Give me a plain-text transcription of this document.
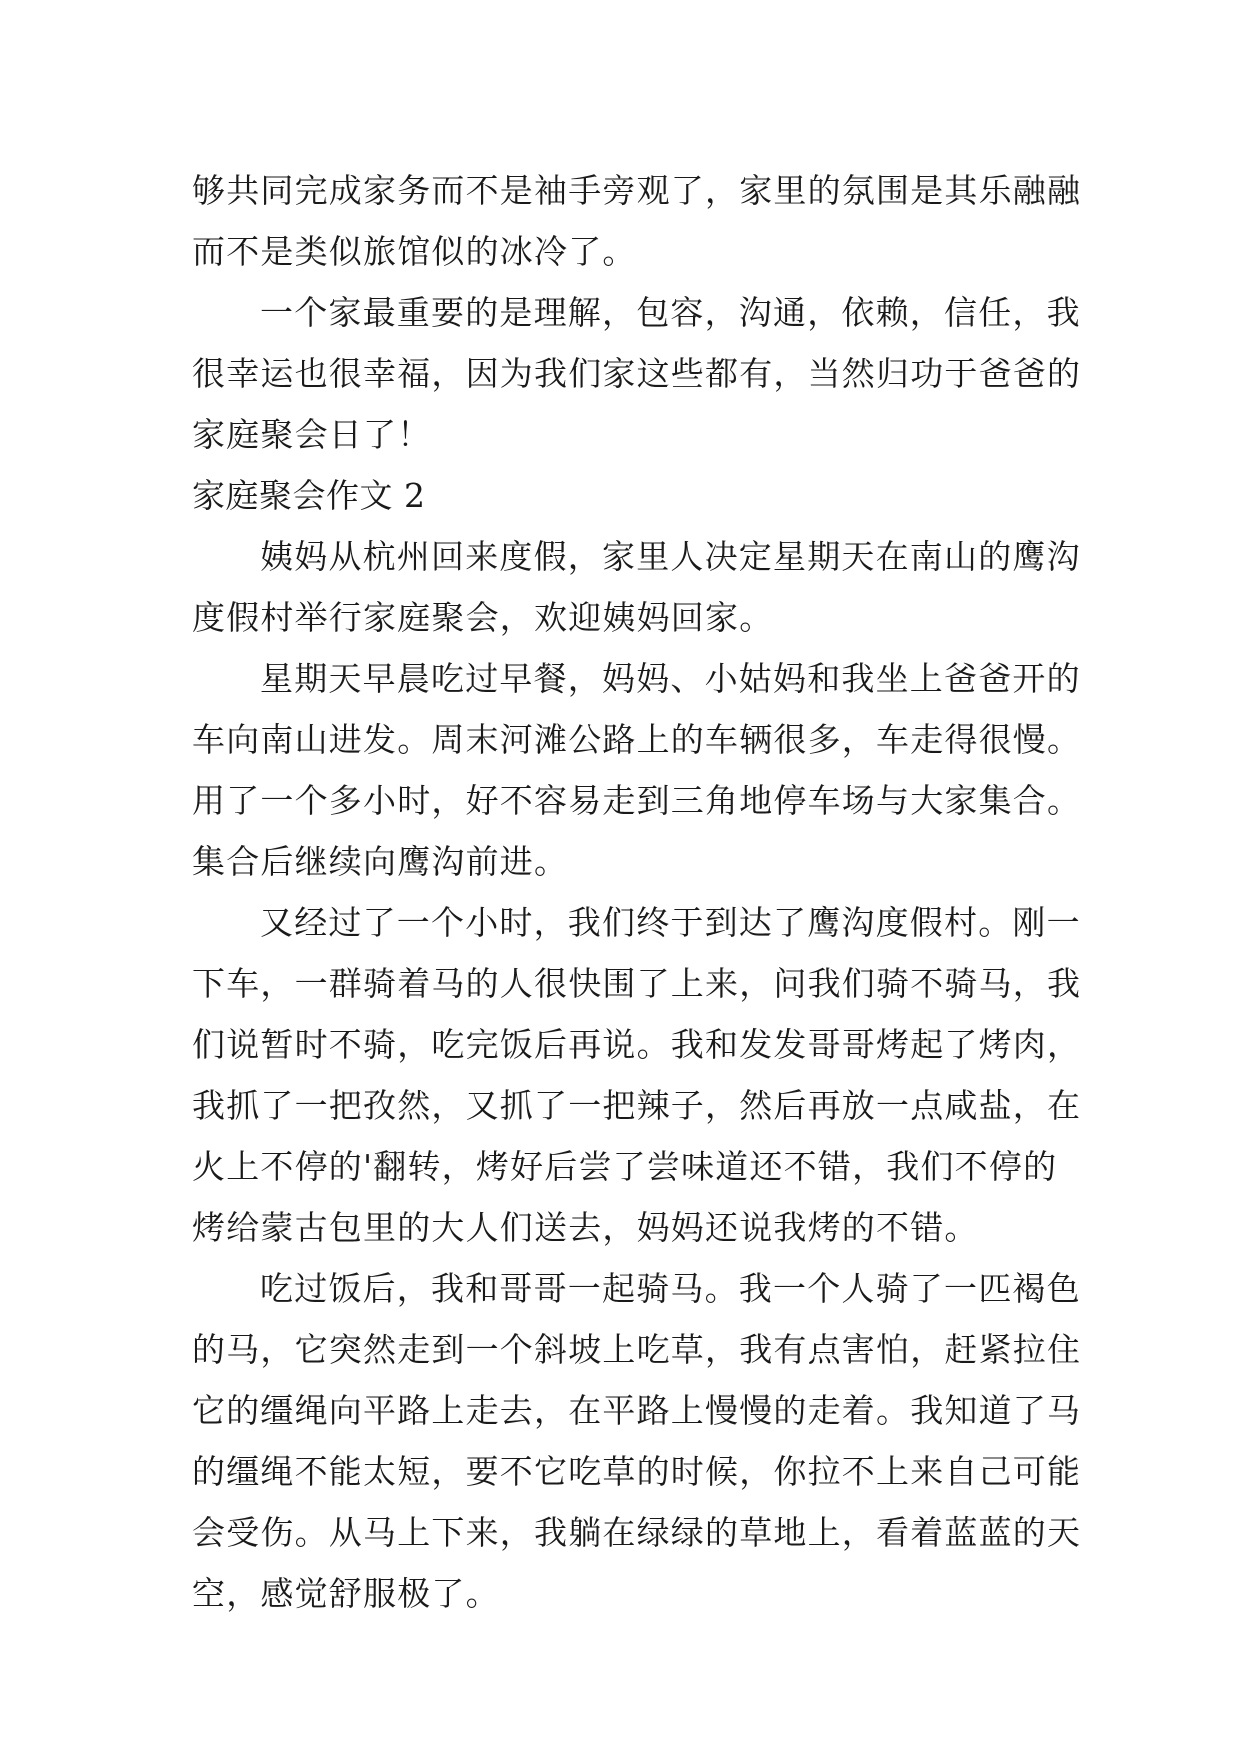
够共同完成家务而不是袖手旁观了，家里的氛围是其乐融融
而不是类似旅馆似的冰冷了。
一个家最重要的是理解，包容，沟通，依赖，信任，我
很幸运也很幸福，因为我们家这些都有，当然归功于爸爸的
家庭聚会日了！
家庭聚会作文 2
姨妈从杭州回来度假，家里人决定星期天在南山的鹰沟
度假村举行家庭聚会，欢迎姨妈回家。
星期天早晨吃过早餐，妈妈、小姑妈和我坐上爸爸开的
车向南山进发。周末河滩公路上的车辆很多，车走得很慢。
用了一个多小时，好不容易走到三角地停车场与大家集合。
集合后继续向鹰沟前进。
又经过了一个小时，我们终于到达了鹰沟度假村。刚一
下车，一群骑着马的人很快围了上来，问我们骑不骑马，我
们说暂时不骑，吃完饭后再说。我和发发哥哥烤起了烤肉，
我抓了一把孜然，又抓了一把辣子，然后再放一点咸盐，在
火上不停的'翻转，烤好后尝了尝味道还不错，我们不停的
烤给蒙古包里的大人们送去，妈妈还说我烤的不错。
吃过饭后，我和哥哥一起骑马。我一个人骑了一匹褐色
的马，它突然走到一个斜坡上吃草，我有点害怕，赶紧拉住
它的缰绳向平路上走去，在平路上慢慢的走着。我知道了马
的缰绳不能太短，要不它吃草的时候，你拉不上来自己可能
会受伤。从马上下来，我躺在绿绿的草地上，看着蓝蓝的天
空，感觉舒服极了。
